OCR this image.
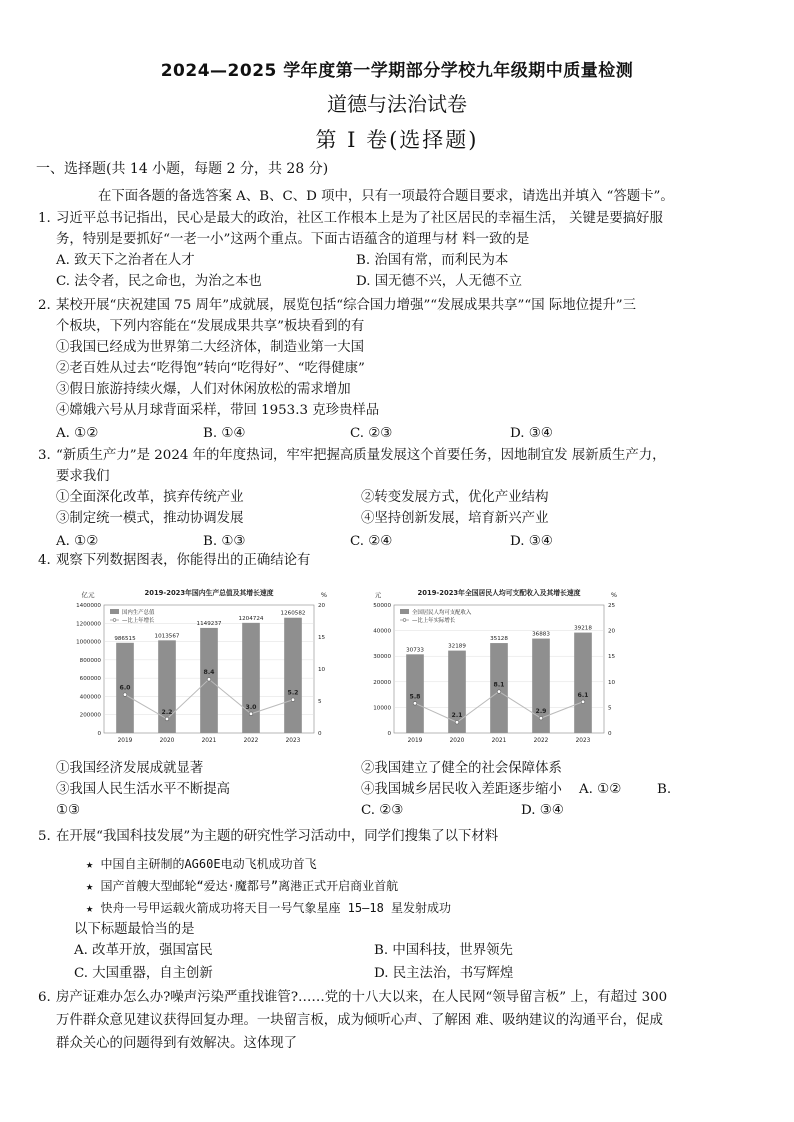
2024—2025 学年度第一学期部分学校九年级期中质量检测
道德与法治试卷
第 I 卷(选择题)
一、选择题(共 14 小题，每题 2 分，共 28 分)
在下面各题的备选答案 A、B、C、D 项中，只有一项最符合题目要求，请选出并填入 “答题卡”。
1. 习近平总书记指出，民心是最大的政治，社区工作根本上是为了社区居民的幸福生活， 关键是要搞好服
务，特别是要抓好“一老一小”这两个重点。下面古语蕴含的道理与材 料一致的是
A. 致天下之治者在人才	B. 治国有常，而利民为本
C. 法令者，民之命也，为治之本也	D. 国无德不兴，人无德不立
2. 某校开展“庆祝建国 75 周年”成就展，展览包括“综合国力增强”“发展成果共享”“国 际地位提升”三
个板块，下列内容能在“发展成果共享”板块看到的有
①我国已经成为世界第二大经济体，制造业第一大国
②老百姓从过去“吃得饱”转向“吃得好”、“吃得健康”
③假日旅游持续火爆，人们对休闲放松的需求增加
④嫦娥六号从月球背面采样，带回 1953.3 克珍贵样品
A. ①②	B. ①④	C. ②③	D. ③④
3. “新质生产力”是 2024 年的年度热词，牢牢把握高质量发展这个首要任务，因地制宜发 展新质生产力，
要求我们
①全面深化改革，摈弃传统产业	②转变发展方式，优化产业结构
③制定统一模式，推动协调发展	④坚持创新发展，培育新兴产业
A. ①②	B. ①③	C. ②④	D. ③④
4. 观察下列数据图表，你能得出的正确结论有
2019-2023年国内生产总值及其增长速度
亿元	%
0
200000
400000
600000
800000
1000000
1200000
1400000
0
5
10
15
20
国内生产总值
—比上年增长
986515
2019
1013567
2020
1149237
2021
1204724
2022
1260582
2023
6.0
2.2
8.4
3.0
5.2
2019-2023年全国居民人均可支配收入及其增长速度
元	%
0
10000
20000
30000
40000
50000
0
5
10
15
20
25
全国居民人均可支配收入
—比上年实际增长
30733
2019
32189
2020
35128
2021
36883
2022
39218
2023
5.8
2.1
8.1
2.9
6.1
①我国经济发展成就显著	②我国建立了健全的社会保障体系
③我国人民生活水平不断提高	④我国城乡居民收入差距逐步缩小 A. ①②	B.
①③	C. ②③	D. ③④
5. 在开展“我国科技发展”为主题的研究性学习活动中，同学们搜集了以下材料
★ 中国自主研制的AG60E电动飞机成功首飞
★ 国产首艘大型邮轮“爱达·魔都号”离港正式开启商业首航
★ 快舟一号甲运载火箭成功将天目一号气象星座 15—18 星发射成功
以下标题最恰当的是
A. 改革开放，强国富民	B. 中国科技，世界领先
C. 大国重器，自主创新	D. 民主法治，书写辉煌
6. 房产证难办怎么办?噪声污染严重找谁管?……党的十八大以来，在人民网“领导留言板” 上，有超过 300
万件群众意见建议获得回复办理。一块留言板，成为倾听心声、了解困 难、吸纳建议的沟通平台，促成
群众关心的问题得到有效解决。这体现了
